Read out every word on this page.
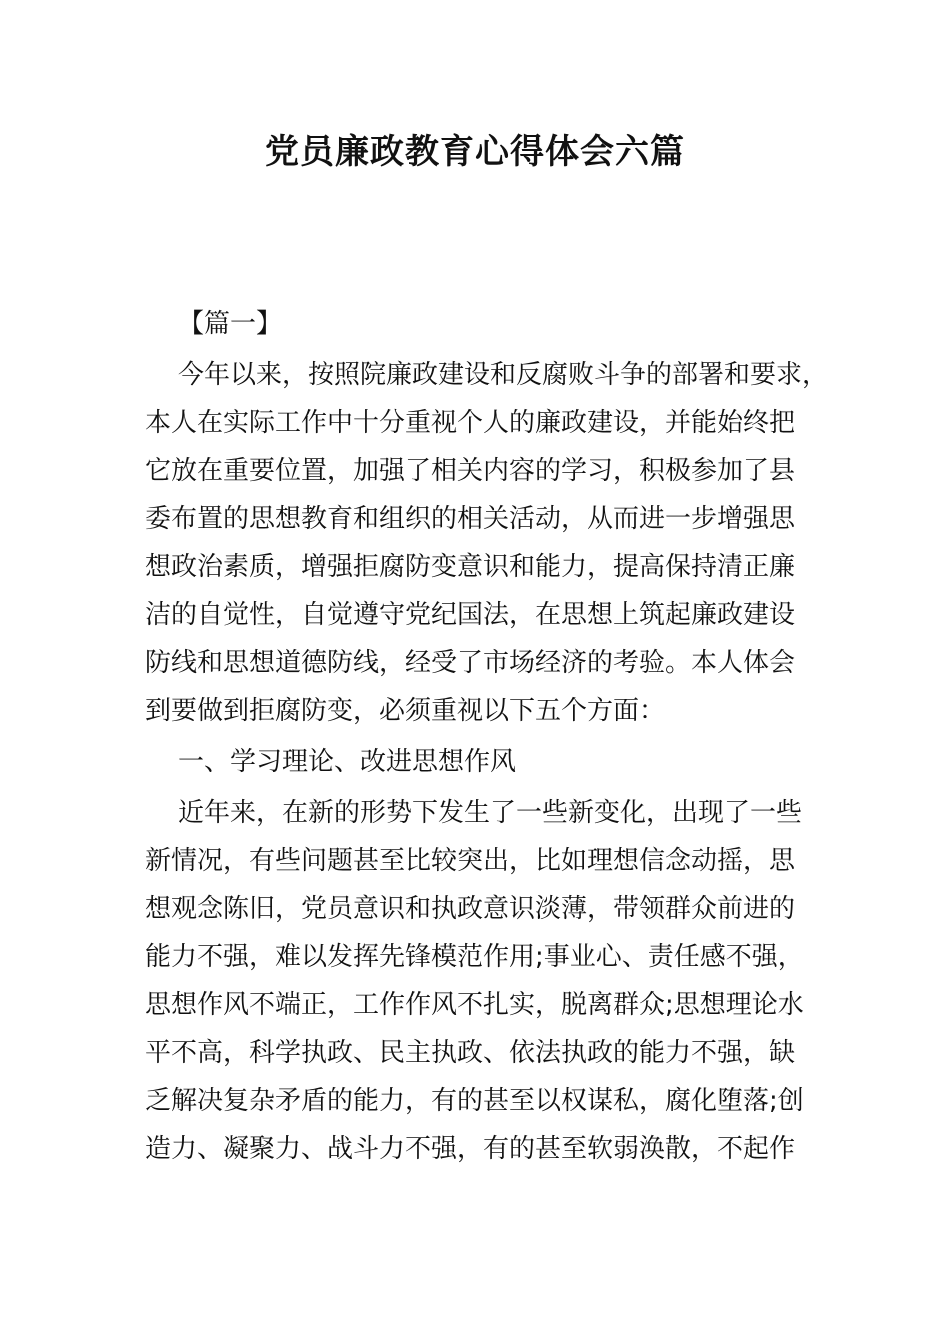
党员廉政教育心得体会六篇

【篇一】

今年以来，按照院廉政建设和反腐败斗争的部署和要求，

本人在实际工作中十分重视个人的廉政建设，并能始终把

它放在重要位置，加强了相关内容的学习，积极参加了县

委布置的思想教育和组织的相关活动，从而进一步增强思

想政治素质，增强拒腐防变意识和能力，提高保持清正廉

洁的自觉性，自觉遵守党纪国法，在思想上筑起廉政建设

防线和思想道德防线，经受了市场经济的考验。本人体会

到要做到拒腐防变，必须重视以下五个方面：

一、学习理论、改进思想作风

近年来，在新的形势下发生了一些新变化，出现了一些

新情况，有些问题甚至比较突出，比如理想信念动摇，思

想观念陈旧，党员意识和执政意识淡薄，带领群众前进的

能力不强，难以发挥先锋模范作用;事业心、责任感不强，

思想作风不端正，工作作风不扎实，脱离群众;思想理论水

平不高，科学执政、民主执政、依法执政的能力不强，缺

乏解决复杂矛盾的能力，有的甚至以权谋私，腐化堕落;创

造力、凝聚力、战斗力不强，有的甚至软弱涣散，不起作
